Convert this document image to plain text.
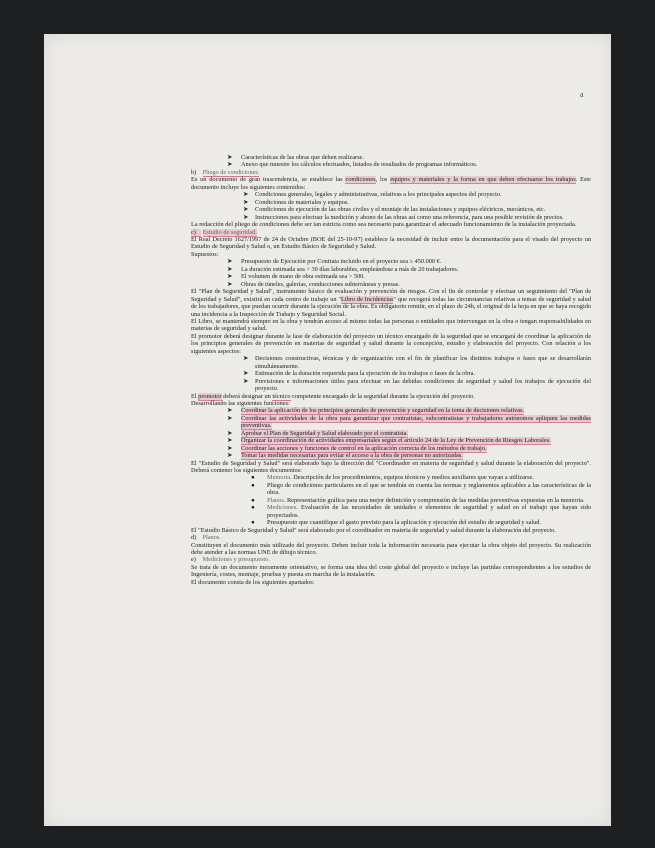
a
➤ Características de las obras que deben realizarse.
➤ Anexo que muestre los cálculos efectuados, listados de resultados de programas informáticos.
b) Pliego de condiciones.

Es un documento de gran trascendencia, se establece las condiciones, los equipos y materiales y la forma en que deben efectuarse los trabajos. Este documento incluye los siguientes contenidos:

➤ Condiciones generales, legales y administrativas, relativas a los principales aspectos del proyecto.
➤ Condiciones de materiales y equipos.
➤ Condiciones de ejecución de las obras civiles y el montaje de las instalaciones y equipos eléctricos, mecánicos, etc.
➤ Instrucciones para efectuar la medición y abono de las obras así como una referencia, para una posible revisión de precios.

La redacción del pliego de condiciones debe ser tan estricta como sea necesario para garantizar el adecuado funcionamiento de la instalación proyectada.

c) Estudio de seguridad.

El Real Decreto 1627/1997 de 24 de Octubre (BOE del 25-10-97) establece la necesidad de incluir entre la documentación para el visado del proyecto un Estudio de Seguridad y Salud o, un Estudio Básico de Seguridad y Salud.

Supuestos:

➤ Presupuesto de Ejecución por Contrata incluido en el proyecto sea ≥ 450.000 €.
➤ La duración estimada sea > 30 días laborables, empleándose a más de 20 trabajadores.
➤ El volumen de mano de obra estimada sea > 500.
➤ Obras de túneles, galerías, conducciones subterráneas y presas.

El "Plan de Seguridad y Salud", instrumento básico de evaluación y prevención de riesgos. Con el fin de controlar y efectuar un seguimiento del "Plan de Seguridad y Salud", existirá en cada centro de trabajo un "Libro de Incidencias" que recogerá todas las circunstancias relativas a temas de seguridad y salud de los trabajadores, que puedan ocurrir durante la ejecución de la obra. Es obligatorio remitir, en el plazo de 24h, el original de la hoja en que se haya recogido una incidencia a la Inspección de Trabajo y Seguridad Social.

El Libro, se mantendrá siempre en la obra y tendrán acceso al mismo todas las personas o entidades que intervengan en la obra o tengan responsabilidades en materias de seguridad y salud.

El promotor deberá designar durante la fase de elaboración del proyecto un técnico encargado de la seguridad que se encargará de coordinar la aplicación de los principios generales de prevención en materias de seguridad y salud durante la concepción, estudio y elaboración del proyecto. Con relación a los siguientes aspectos:

➤ Decisiones constructivas, técnicas y de organización con el fin de planificar los distintos trabajos o fases que se desarrollarán simultáneamente.
➤ Estimación de la duración requerida para la ejecución de los trabajos o fases de la obra.
➤ Previsiones e informaciones útiles para efectuar en las debidas condiciones de seguridad y salud los trabajos de ejecución del proyecto.

El promotor deberá designar un técnico competente encargado de la seguridad durante la ejecución del proyecto.

Desarrollando las siguientes funciones:

➤ Coordinar la aplicación de los principios generales de prevención y seguridad en la toma de decisiones relativas.
➤ Coordinar las actividades de la obra para garantizar que contratistas, subcontratistas y trabajadores autónomos apliquen las medidas preventivas.
➤ Aprobar el Plan de Seguridad y Salud elaborado por el contratista.
➤ Organizar la coordinación de actividades empresariales según el artículo 24 de la Ley de Prevención de Riesgos Laborales.
➤ Coordinar las acciones y funciones de control en la aplicación correcta de los métodos de trabajo.
➤ Tomar las medidas necesarias para evitar el acceso a la obra de personas no autorizadas.

El "Estudio de Seguridad y Salud" será elaborado bajo la dirección del "Coordinador en materia de seguridad y salud durante la elaboración del proyecto". Deberá contener los siguientes documentos:

● Memoria. Descripción de los procedimientos, equipos técnicos y medios auxiliares que vayan a utilizarse.
● Pliego de condiciones particulares en el que se tendrán en cuenta las normas y reglamentos aplicables a las características de la obra.
● Planos. Representación gráfica para una mejor definición y comprensión de las medidas preventivas expuestas en la memoria.
● Mediciones. Evaluación de las necesidades de unidades o elementos de seguridad y salud en el trabajo que hayan sido proyectados.
● Presupuesto que cuantifique el gasto previsto para la aplicación y ejecución del estudio de seguridad y salud.

El "Estudio Básico de Seguridad y Salud" será elaborado por el coordinador en materia de seguridad y salud durante la elaboración del proyecto.

d) Planos.

Constituyen el documento más utilizado del proyecto. Deben incluir toda la información necesaria para ejecutar la obra objeto del proyecto. Su realización debe atender a las normas UNE de dibujo técnico.

e) Mediciones y presupuesto.

Se trata de un documento meramente orientativo, se forma una idea del coste global del proyecto e incluye las partidas correspondientes a los estudios de Ingeniería, costes, montaje, pruebas y puesta en marcha de la instalación.

El documento consta de los siguientes apartados:
